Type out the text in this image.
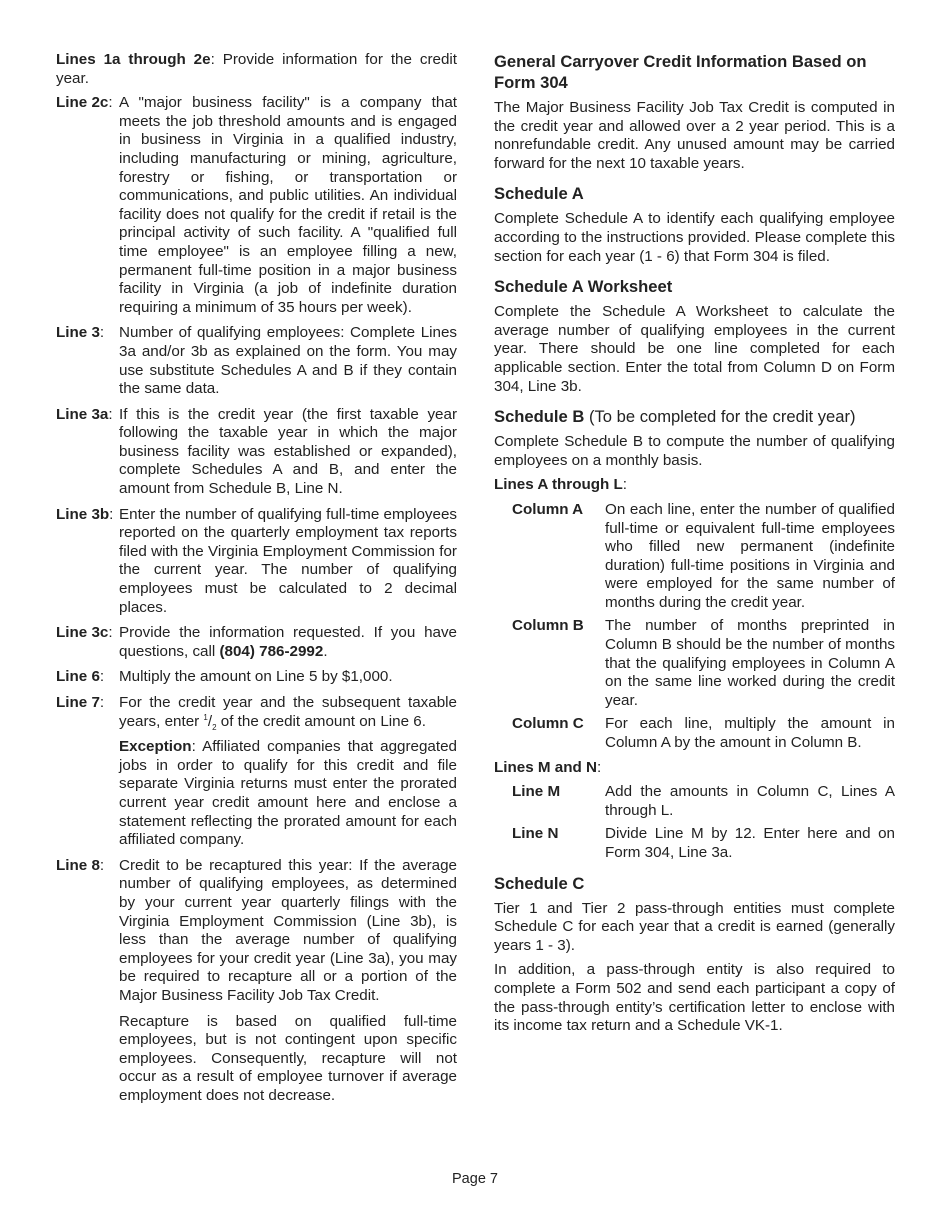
Lines 1a through 2e: Provide information for the credit year.

Line 2c: A "major business facility" is a company that meets the job threshold amounts and is engaged in business in Virginia in a qualified industry, including manufacturing or mining, agriculture, forestry or fishing, or transportation or communications, and public utilities. An individual facility does not qualify for the credit if retail is the principal activity of such facility. A "qualified full time employee" is an employee filling a new, permanent full-time position in a major business facility in Virginia (a job of indefinite duration requiring a minimum of 35 hours per week).
Line 3: Number of qualifying employees: Complete Lines 3a and/or 3b as explained on the form. You may use substitute Schedules A and B if they contain the same data.
Line 3a: If this is the credit year (the first taxable year following the taxable year in which the major business facility was established or expanded), complete Schedules A and B, and enter the amount from Schedule B, Line N.
Line 3b: Enter the number of qualifying full-time employees reported on the quarterly employment tax reports filed with the Virginia Employment Commission for the current year. The number of qualifying employees must be calculated to 2 decimal places.
Line 3c: Provide the information requested. If you have questions, call (804) 786-2992.
Line 6: Multiply the amount on Line 5 by $1,000.
Line 7: For the credit year and the subsequent taxable years, enter $^1/_2$ of the credit amount on Line 6.

Exception: Affiliated companies that aggregated jobs in order to qualify for this credit and file separate Virginia returns must enter the prorated current year credit amount here and enclose a statement reflecting the prorated amount for each affiliated company.

Line 8: Credit to be recaptured this year: If the average number of qualifying employees, as determined by your current year quarterly filings with the Virginia Employment Commission (Line 3b), is less than the average number of qualifying employees for your credit year (Line 3a), you may be required to recapture all or a portion of the Major Business Facility Job Tax Credit.

Recapture is based on qualified full-time employees, but is not contingent upon specific employees. Consequently, recapture will not occur as a result of employee turnover if average employment does not decrease.

General Carryover Credit Information Based on Form 304

The Major Business Facility Job Tax Credit is computed in the credit year and allowed over a 2 year period. This is a nonrefundable credit. Any unused amount may be carried forward for the next 10 taxable years.

Schedule A

Complete Schedule A to identify each qualifying employee according to the instructions provided. Please complete this section for each year (1 - 6) that Form 304 is filed.

Schedule A Worksheet

Complete the Schedule A Worksheet to calculate the average number of qualifying employees in the current year. There should be one line completed for each applicable section. Enter the total from Column D on Form 304, Line 3b.

Schedule B (To be completed for the credit year)

Complete Schedule B to compute the number of qualifying employees on a monthly basis.

Lines A through L:

Column A	On each line, enter the number of qualified full-time or equivalent full-time employees who filled new permanent (indefinite duration) full-time positions in Virginia and were employed for the same number of months during the credit year.
Column B	The number of months preprinted in Column B should be the number of months that the qualifying employees in Column A on the same line worked during the credit year.
Column C	For each line, multiply the amount in Column A by the amount in Column B.

Lines M and N:

Line M	Add the amounts in Column C, Lines A through L.
Line N	Divide Line M by 12. Enter here and on Form 304, Line 3a.

Schedule C

Tier 1 and Tier 2 pass-through entities must complete Schedule C for each year that a credit is earned (generally years 1 - 3).

In addition, a pass-through entity is also required to complete a Form 502 and send each participant a copy of the pass-through entity’s certification letter to enclose with its income tax return and a Schedule VK-1.

Page 7
